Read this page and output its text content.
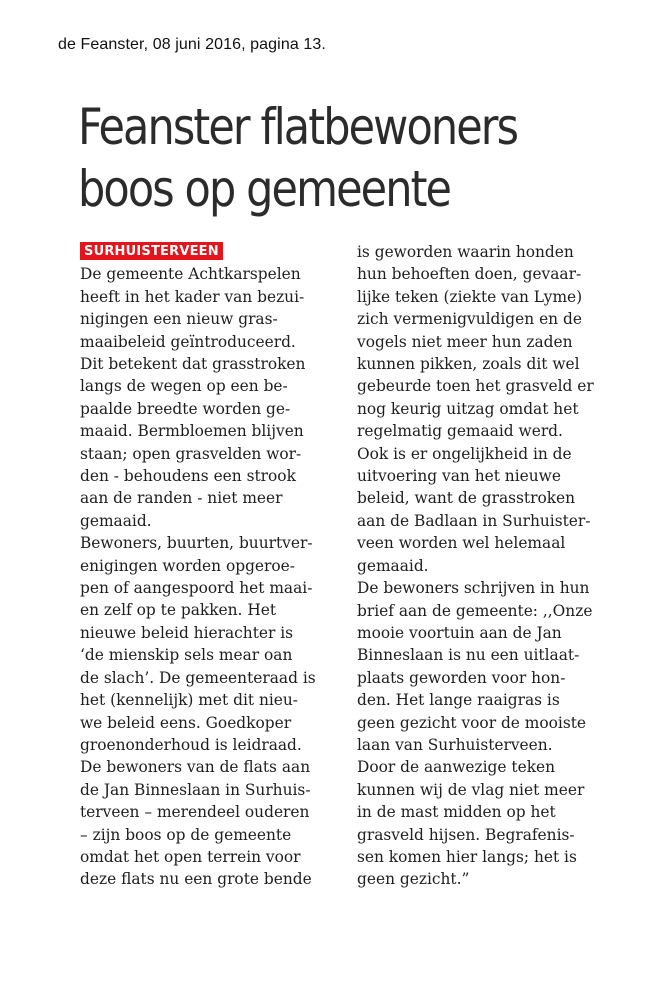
de Feanster, 08 juni 2016, pagina 13.
Feanster flatbewoners
boos op gemeente
SURHUISTERVEEN
De gemeente Achtkarspelen
heeft in het kader van bezui-
nigingen een nieuw gras-
maaibeleid geïntroduceerd.
Dit betekent dat grasstroken
langs de wegen op een be-
paalde breedte worden ge-
maaid. Bermbloemen blijven
staan; open grasvelden wor-
den - behoudens een strook
aan de randen - niet meer
gemaaid.
Bewoners, buurten, buurtver-
enigingen worden opgeroe-
pen of aangespoord het maai-
en zelf op te pakken. Het
nieuwe beleid hierachter is
‘de mienskip sels mear oan
de slach’. De gemeenteraad is
het (kennelijk) met dit nieu-
we beleid eens. Goedkoper
groenonderhoud is leidraad.
De bewoners van de flats aan
de Jan Binneslaan in Surhuis-
terveen – merendeel ouderen
– zijn boos op de gemeente
omdat het open terrein voor
deze flats nu een grote bende
is geworden waarin honden
hun behoeften doen, gevaar-
lijke teken (ziekte van Lyme)
zich vermenigvuldigen en de
vogels niet meer hun zaden
kunnen pikken, zoals dit wel
gebeurde toen het grasveld er
nog keurig uitzag omdat het
regelmatig gemaaid werd.
Ook is er ongelijkheid in de
uitvoering van het nieuwe
beleid, want de grasstroken
aan de Badlaan in Surhuister-
veen worden wel helemaal
gemaaid.
De bewoners schrijven in hun
brief aan de gemeente: ,,Onze
mooie voortuin aan de Jan
Binneslaan is nu een uitlaat-
plaats geworden voor hon-
den. Het lange raaigras is
geen gezicht voor de mooiste
laan van Surhuisterveen.
Door de aanwezige teken
kunnen wij de vlag niet meer
in de mast midden op het
grasveld hijsen. Begrafenis-
sen komen hier langs; het is
geen gezicht.”
